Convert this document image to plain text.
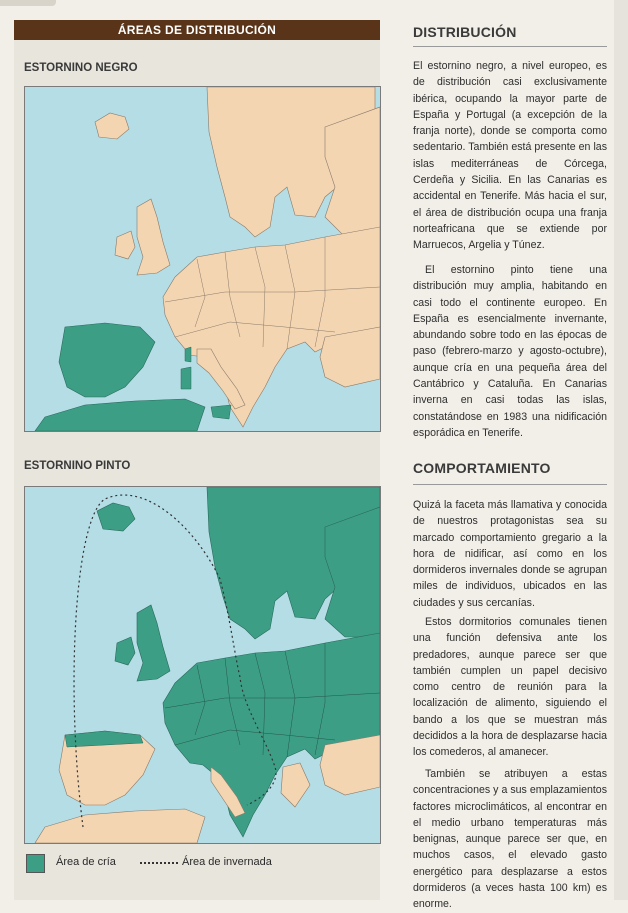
ÁREAS DE DISTRIBUCIÓN
ESTORNINO NEGRO
ESTORNINO PINTO
Área de cría	Área de invernada
DISTRIBUCIÓN
El estornino negro, a nivel europeo, es de distribución casi exclusivamente ibérica, ocupando la mayor parte de España y Portugal (a excepción de la franja norte), donde se comporta como sedentario. También está presente en las islas mediterráneas de Córcega, Cerdeña y Sicilia. En las Canarias es accidental en Tenerife. Más hacia el sur, el área de distribución ocupa una franja norteafricana que se extiende por Marruecos, Argelia y Túnez.
El estornino pinto tiene una distribución muy amplia, habitando en casi todo el continente europeo. En España es esencialmente invernante, abundando sobre todo en las épocas de paso (febrero-marzo y agosto-octubre), aunque cría en una pequeña área del Cantábrico y Cataluña. En Canarias inverna en casi todas las islas, constatándose en 1983 una nidificación esporádica en Tenerife.
COMPORTAMIENTO
Quizá la faceta más llamativa y conocida de nuestros protagonistas sea su marcado comportamiento gregario a la hora de nidificar, así como en los dormideros invernales donde se agrupan miles de individuos, ubicados en las ciudades y sus cercanías.
Estos dormitorios comunales tienen una función defensiva ante los predadores, aunque parece ser que también cumplen un papel decisivo como centro de reunión para la localización de alimento, siguiendo el bando a los que se muestran más decididos a la hora de desplazarse hacia los comederos, al amanecer.
También se atribuyen a estas concentraciones y a sus emplazamientos factores microclimáticos, al encontrar en el medio urbano temperaturas más benignas, aunque parece ser que, en muchos casos, el elevado gasto energético para desplazarse a estos dormideros (a veces hasta 100 km) es enorme.
